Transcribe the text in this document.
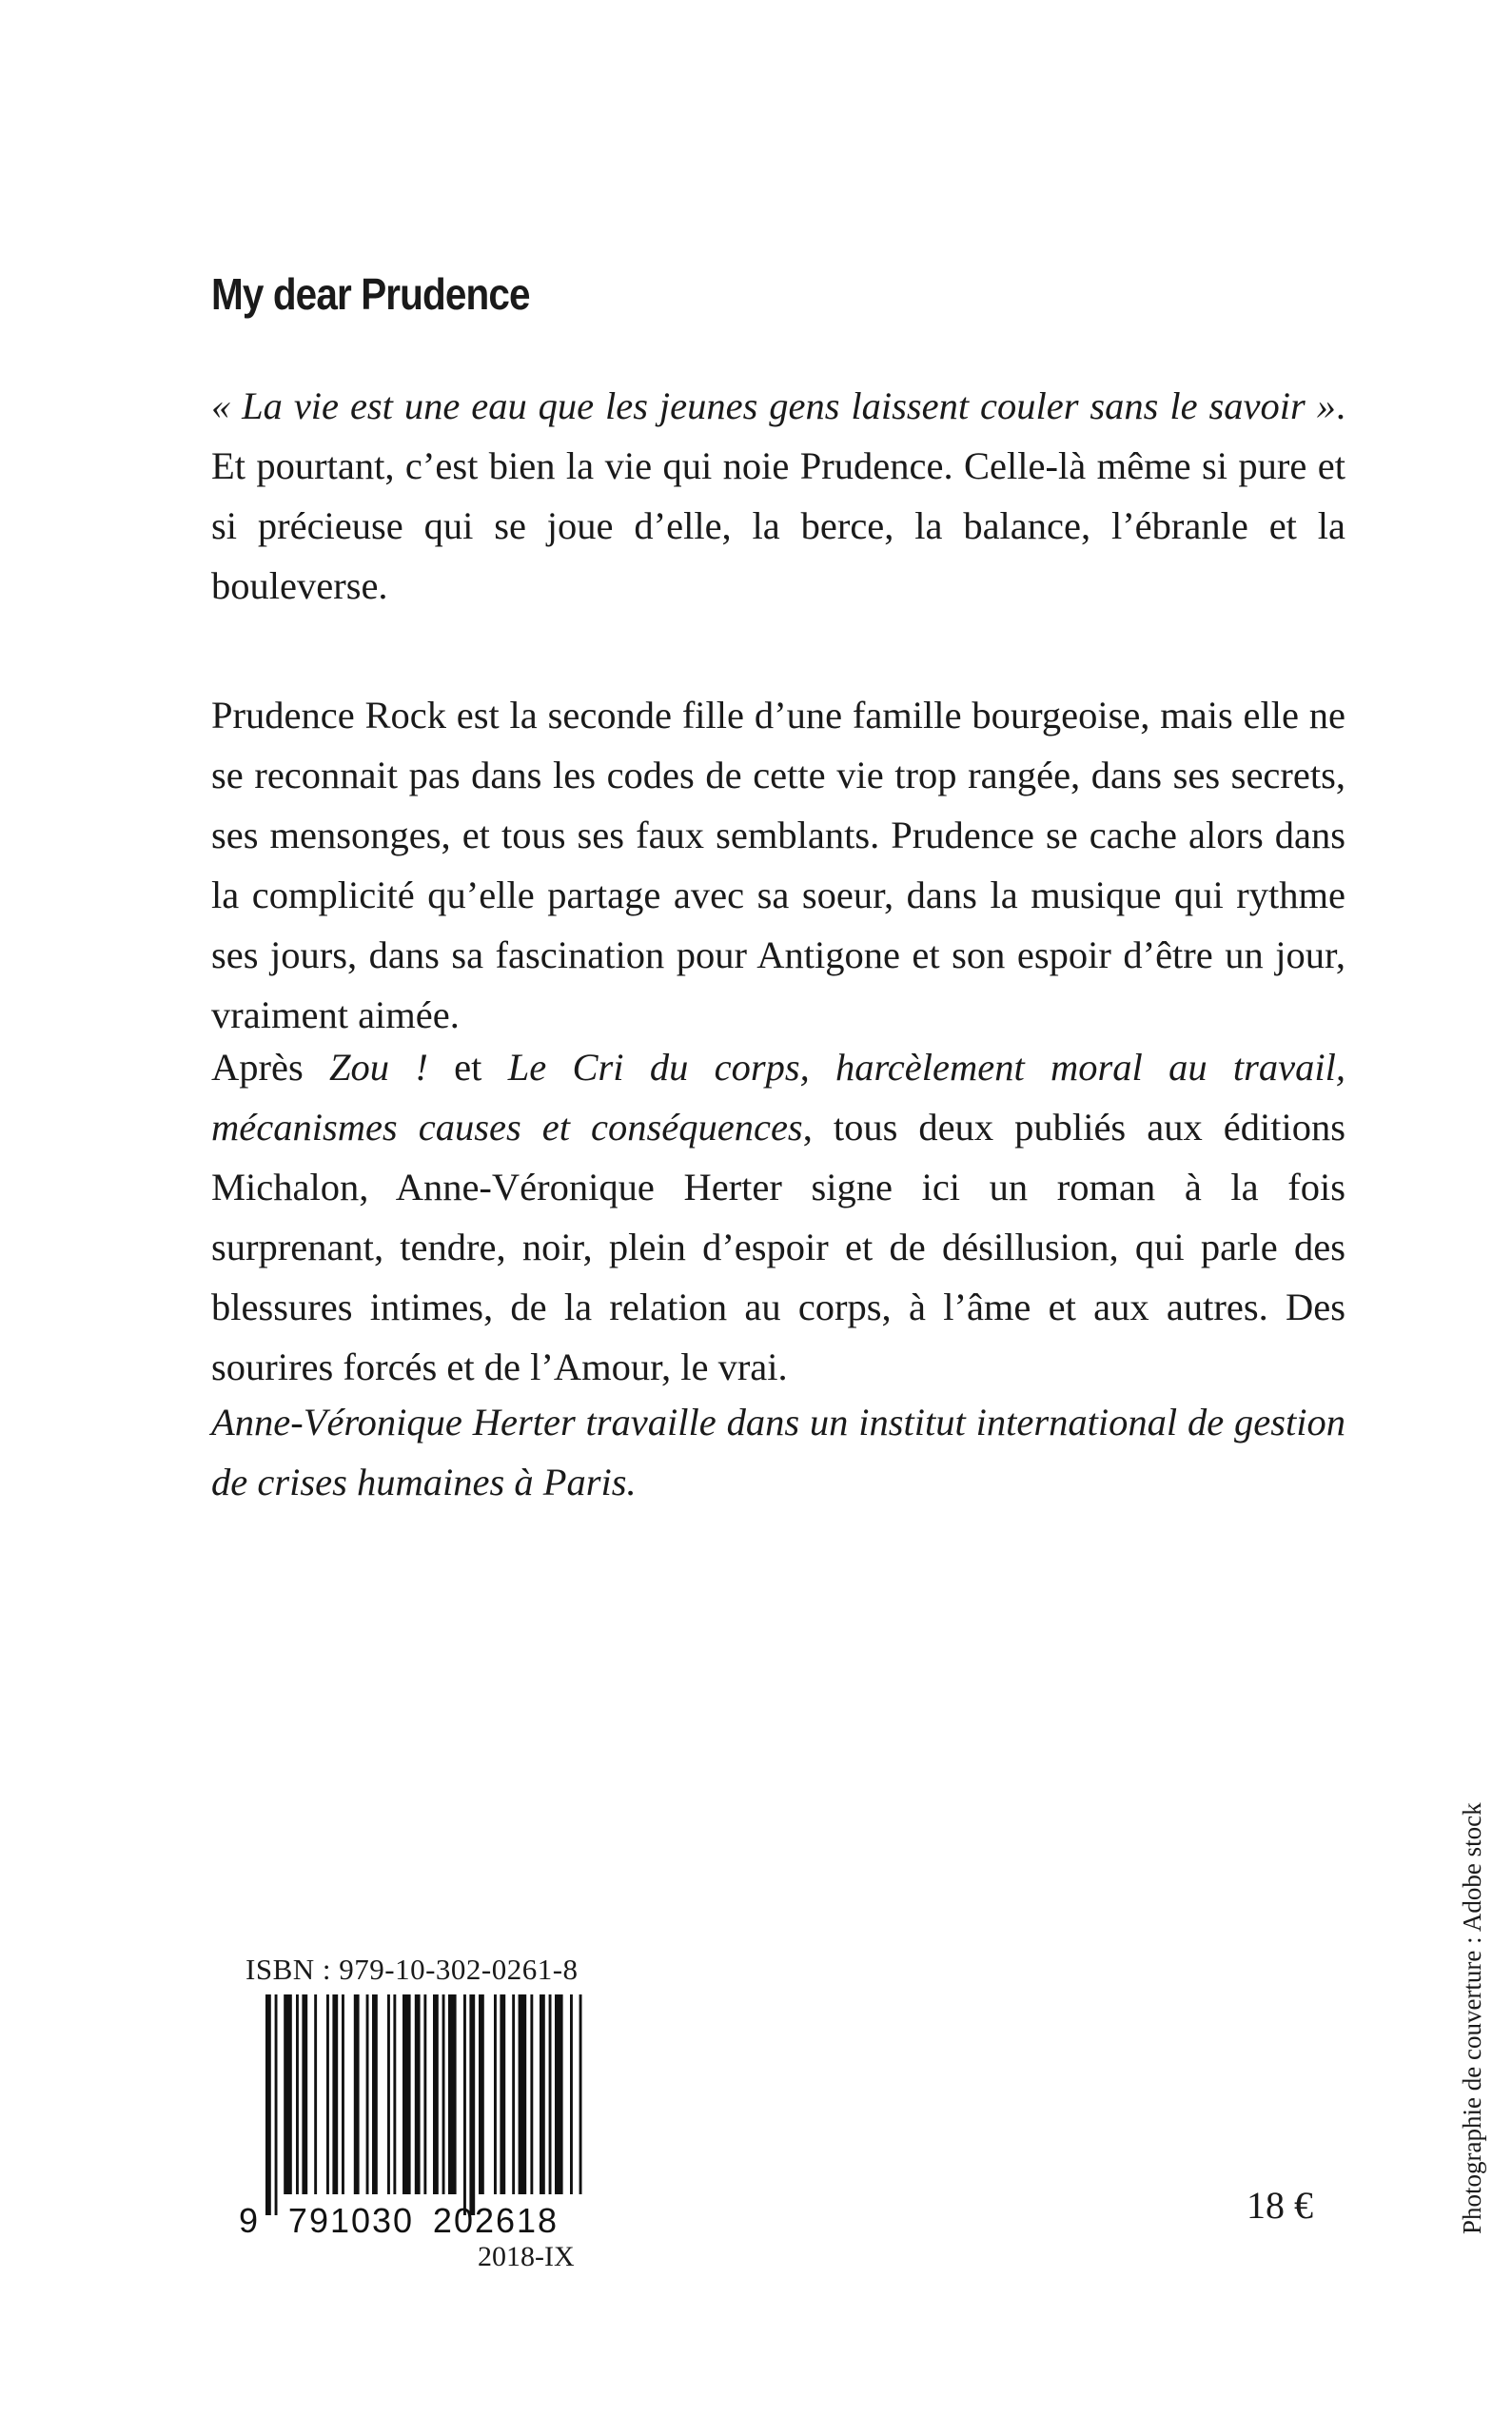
My dear Prudence

« La vie est une eau que les jeunes gens laissent couler sans le savoir ». Et pourtant, c’est bien la vie qui noie Prudence. Celle-là même si pure et si précieuse qui se joue d’elle, la berce, la balance, l’ébranle et la bouleverse.

Prudence Rock est la seconde fille d’une famille bourgeoise, mais elle ne se reconnait pas dans les codes de cette vie trop rangée, dans ses secrets, ses mensonges, et tous ses faux semblants. Prudence se cache alors dans la complicité qu’elle partage avec sa soeur, dans la musique qui rythme ses jours, dans sa fascination pour Antigone et son espoir d’être un jour, vraiment aimée.

Après Zou ! et Le Cri du corps, harcèlement moral au travail, mécanismes causes et conséquences, tous deux publiés aux éditions Michalon, Anne-Véronique Herter signe ici un roman à la fois surprenant, tendre, noir, plein d’espoir et de désillusion, qui parle des blessures intimes, de la relation au corps, à l’âme et aux autres. Des sourires forcés et de l’Amour, le vrai.

Anne-Véronique Herter travaille dans un institut international de gestion de crises humaines à Paris.

ISBN : 979-10-302-0261-8
9 791030 202618
2018-IX
18 €	Photographie de couverture : Adobe stock
